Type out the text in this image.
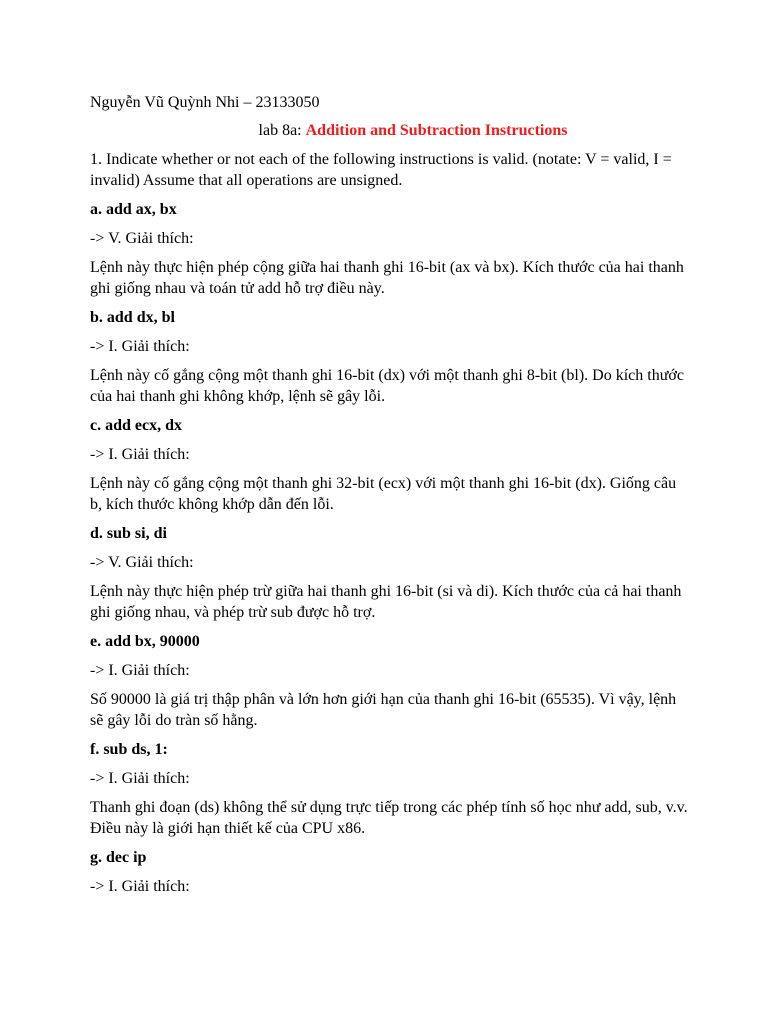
Nguyễn Vũ Quỳnh Nhi – 23133050

lab 8a: Addition and Subtraction Instructions

1. Indicate whether or not each of the following instructions is valid. (notate: V = valid, I = invalid) Assume that all operations are unsigned.

a. add ax, bx

-> V. Giải thích:

Lệnh này thực hiện phép cộng giữa hai thanh ghi 16-bit (ax và bx). Kích thước của hai thanh ghi giống nhau và toán tử add hỗ trợ điều này.

b. add dx, bl

-> I. Giải thích:

Lệnh này cố gắng cộng một thanh ghi 16-bit (dx) với một thanh ghi 8-bit (bl). Do kích thước của hai thanh ghi không khớp, lệnh sẽ gây lỗi.

c. add ecx, dx

-> I. Giải thích:

Lệnh này cố gắng cộng một thanh ghi 32-bit (ecx) với một thanh ghi 16-bit (dx). Giống câu b, kích thước không khớp dẫn đến lỗi.

d. sub si, di

-> V. Giải thích:

Lệnh này thực hiện phép trừ giữa hai thanh ghi 16-bit (si và di). Kích thước của cả hai thanh ghi giống nhau, và phép trừ sub được hỗ trợ.

e. add bx, 90000

-> I. Giải thích:

Số 90000 là giá trị thập phân và lớn hơn giới hạn của thanh ghi 16-bit (65535). Vì vậy, lệnh sẽ gây lỗi do tràn số hằng.

f. sub ds, 1:

-> I. Giải thích:

Thanh ghi đoạn (ds) không thể sử dụng trực tiếp trong các phép tính số học như add, sub, v.v. Điều này là giới hạn thiết kế của CPU x86.

g. dec ip

-> I. Giải thích:
